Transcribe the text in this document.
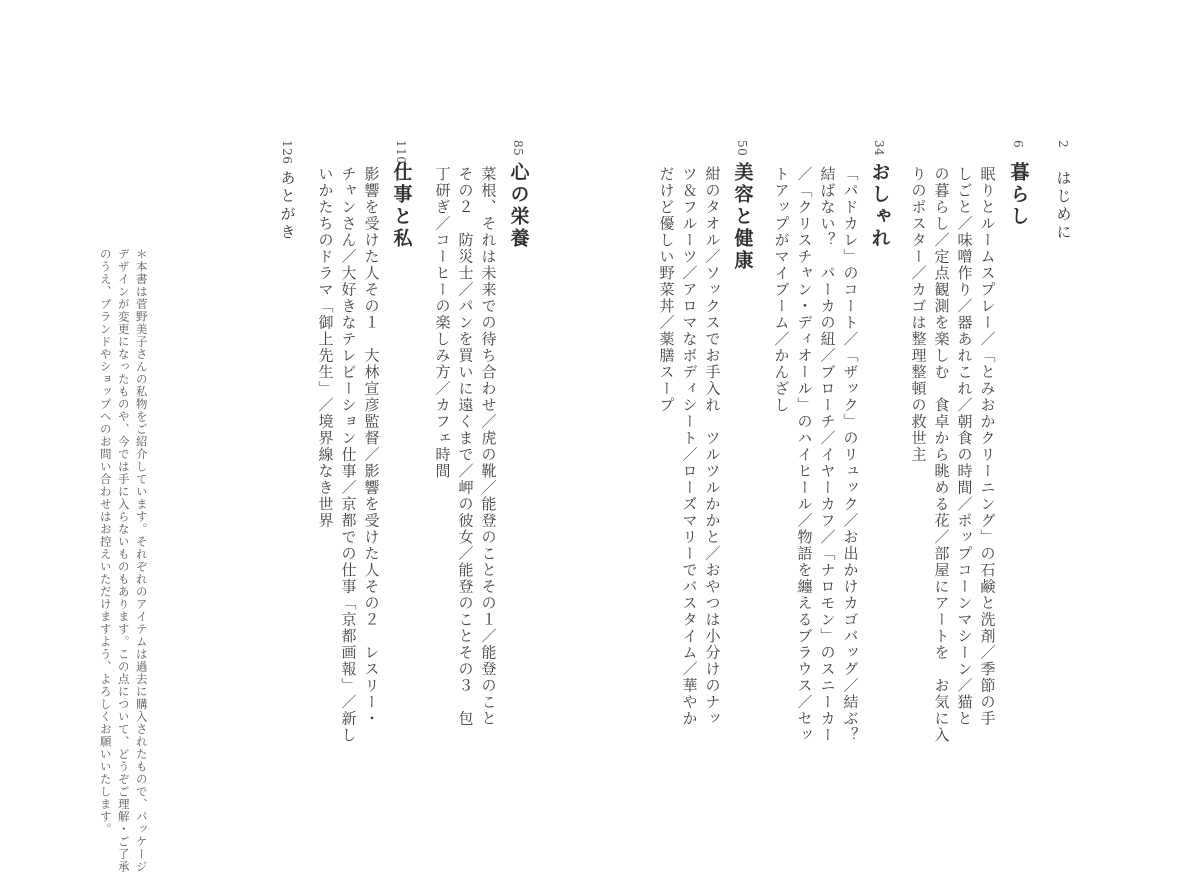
2
はじめに
6
暮らし
眠りとルームスプレー／「とみおかクリーニング」の石鹸と洗剤／季節の手
しごと／味噌作り／器あれこれ／朝食の時間／ポップコーンマシーン／猫と
の暮らし／定点観測を楽しむ　食卓から眺める花／部屋にアートを　お気に入
りのポスター／カゴは整理整頓の救世主
34
おしゃれ
「パドカレ」のコート／「ザック」のリュック／お出かけカゴバッグ／結ぶ？
結ばない？　パーカの紐／ブローチ／イヤーカフ／「ナロモン」のスニーカー
／「クリスチャン・ディオール」のハイヒール／物語を纏えるブラウス／セッ
トアップがマイブーム／かんざし
50
美容と健康
紺のタオル／ソックスでお手入れ　ツルツルかかと／おやつは小分けのナッ
ツ＆フルーツ／アロマなボディシート／ローズマリーでバスタイム／華やか
だけど優しい野菜丼／薬膳スープ
85
心の栄養
菜根、それは未来での待ち合わせ／虎の靴／能登のことその１／能登のこと
その２　防災士／パンを買いに遠くまで／岬の彼女／能登のことその３　包
丁研ぎ／コーヒーの楽しみ方／カフェ時間
110
仕事と私
影響を受けた人その１　大林宣彦監督／影響を受けた人その２　レスリー・
チャンさん／大好きなテレビーション仕事／京都での仕事「京都画報」／新し
いかたちのドラマ「御上先生」／境界線なき世界
126
あとがき
＊本書は菅野美子さんの私物をご紹介しています。それぞれのアイテムは過去に購入されたもので、パッケージ
デザインが変更になったものや、今では手に入らないものもあります。この点について、どうぞご理解・ご了承
のうえ、ブランドやショップへのお問い合わせはお控えいただけますよう、よろしくお願いいたします。
